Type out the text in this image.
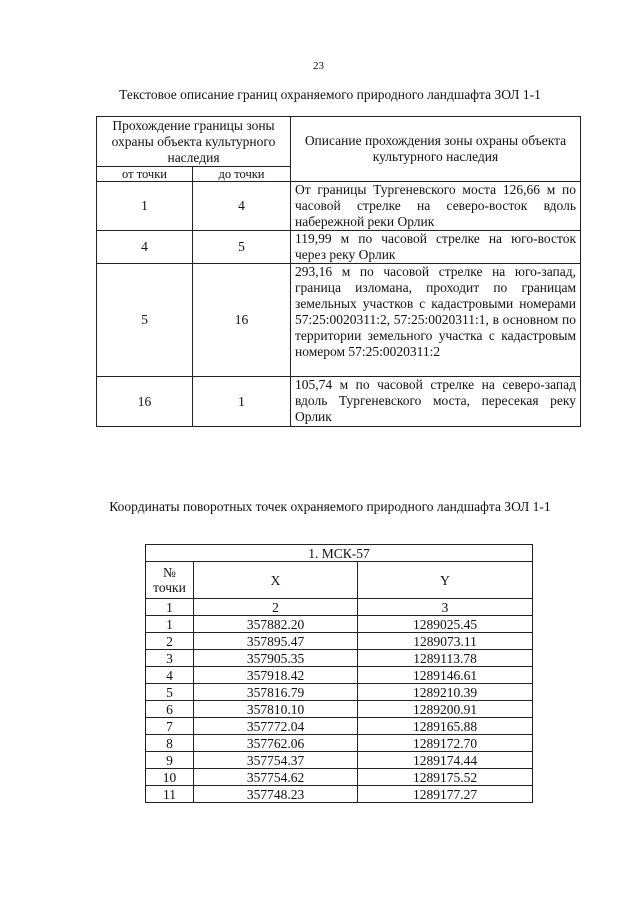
23
Текстовое описание границ охраняемого природного ландшафта ЗОЛ 1-1
Прохождение границы зоны охраны объекта культурного наследия		Описание прохождения зоны охраны объекта культурного наследия
от точки	до точки	
1	4	От границы Тургеневского моста 126,66 м по часовой стрелке на северо-восток вдоль набережной реки Орлик
4	5	119,99 м по часовой стрелке на юго-восток через реку Орлик
5	16	293,16 м по часовой стрелке на юго-запад, граница изломана, проходит по границам земельных участков с кадастровыми номерами 57:25:0020311:2, 57:25:0020311:1, в основном по территории земельного участка с кадастровым номером 57:25:0020311:2
16	1	105,74 м по часовой стрелке на северо-запад вдоль Тургеневского моста, пересекая реку Орлик
Координаты поворотных точек охраняемого природного ландшафта ЗОЛ 1-1
1. МСК-57		
№ точки	X	Y
1	2	3
1	357882.20	1289025.45
2	357895.47	1289073.11
3	357905.35	1289113.78
4	357918.42	1289146.61
5	357816.79	1289210.39
6	357810.10	1289200.91
7	357772.04	1289165.88
8	357762.06	1289172.70
9	357754.37	1289174.44
10	357754.62	1289175.52
11	357748.23	1289177.27
